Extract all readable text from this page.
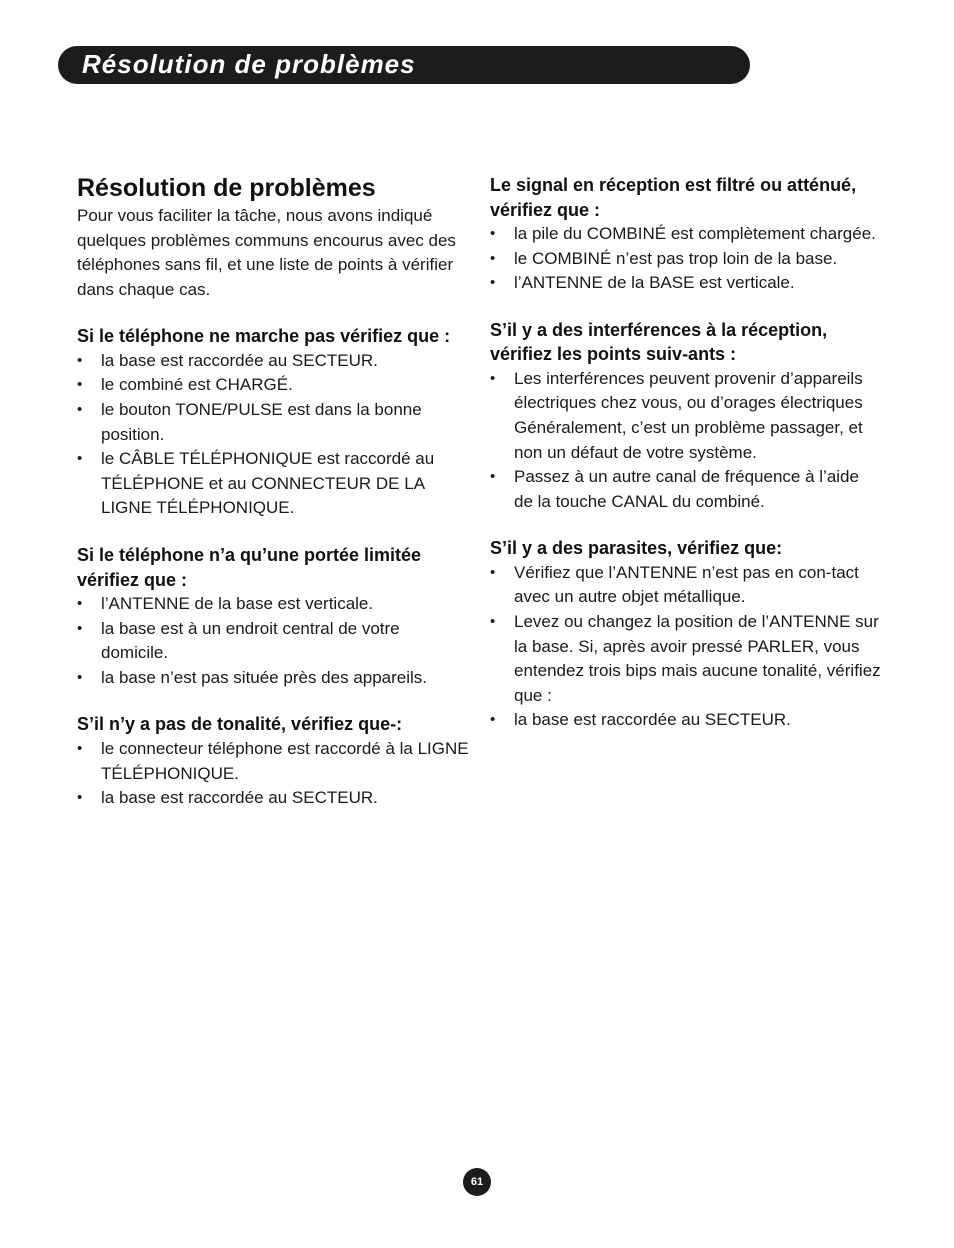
Résolution de problèmes
Résolution de problèmes

Pour vous faciliter la tâche, nous avons indiqué quelques problèmes communs encourus avec des téléphones sans fil, et une liste de points à vérifier dans chaque cas.

Si le téléphone ne marche pas vérifiez que :
• la base est raccordée au SECTEUR.
• le combiné est CHARGÉ.
• le bouton TONE/PULSE est dans la bonne position.
• le CÂBLE TÉLÉPHONIQUE est raccordé au TÉLÉPHONE et au CONNECTEUR DE LA LIGNE TÉLÉPHONIQUE.
Si le téléphone n’a qu’une portée limitée vérifiez que :
• l’ANTENNE de la base est verticale.
• la base est à un endroit central de votre domicile.
• la base n’est pas située près des appareils.
S’il n’y a pas de tonalité, vérifiez que-:
• le connecteur téléphone est raccordé à la LIGNE TÉLÉPHONIQUE.
• la base est raccordée au SECTEUR.
Le signal en réception est filtré ou atténué, vérifiez que :
• la pile du COMBINÉ est complètement chargée.
• le COMBINÉ n’est pas trop loin de la base.
• l’ANTENNE de la BASE est verticale.
S’il y a des interférences à la réception, vérifiez les points suiv-ants :
• Les interférences peuvent provenir d’appareils électriques chez vous, ou d’orages électriques Généralement, c’est un problème passager, et non un défaut de votre système.
• Passez à un autre canal de fréquence à l’aide de la touche CANAL du combiné.
S’il y a des parasites, vérifiez que:
• Vérifiez que l’ANTENNE n’est pas en con-tact avec un autre objet métallique.
• Levez ou changez la position de l’ANTENNE sur la base. Si, après avoir pressé PARLER, vous entendez trois bips mais aucune tonalité, vérifiez que :
• la base est raccordée au SECTEUR.
61
